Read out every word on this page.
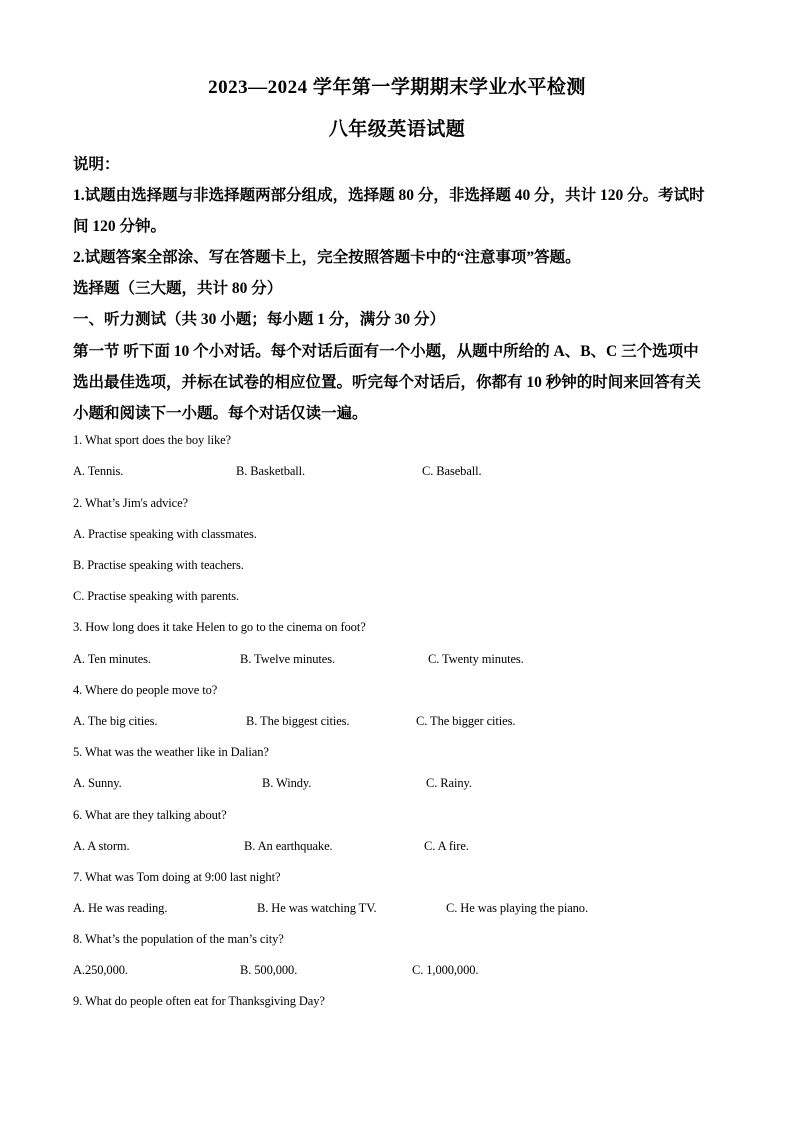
2023—2024 学年第一学期期末学业水平检测
八年级英语试题
说明：
1.试题由选择题与非选择题两部分组成，选择题 80 分，非选择题 40 分，共计 120 分。考试时
间 120 分钟。
2.试题答案全部涂、写在答题卡上，完全按照答题卡中的“注意事项”答题。
选择题（三大题，共计 80 分）
一、听力测试（共 30 小题；每小题 1 分，满分 30 分）
第一节 听下面 10 个小对话。每个对话后面有一个小题，从题中所给的 A、B、C 三个选项中
选出最佳选项，并标在试卷的相应位置。听完每个对话后，你都有 10 秒钟的时间来回答有关
小题和阅读下一小题。每个对话仅读一遍。
1. What sport does the boy like?
A. Tennis.	B. Basketball.	C. Baseball.
2. What’s Jim's advice?
A. Practise speaking with classmates.
B. Practise speaking with teachers.
C. Practise speaking with parents.
3. How long does it take Helen to go to the cinema on foot?
A. Ten minutes.	B. Twelve minutes.	C. Twenty minutes.
4. Where do people move to?
A. The big cities.	B. The biggest cities.	C. The bigger cities.
5. What was the weather like in Dalian?
A. Sunny.	B. Windy.	C. Rainy.
6. What are they talking about?
A. A storm.	B. An earthquake.	C. A fire.
7. What was Tom doing at 9:00 last night?
A. He was reading.	B. He was watching TV.	C. He was playing the piano.
8. What’s the population of the man’s city?
A.250,000.	B. 500,000.	C. 1,000,000.
9. What do people often eat for Thanksgiving Day?
